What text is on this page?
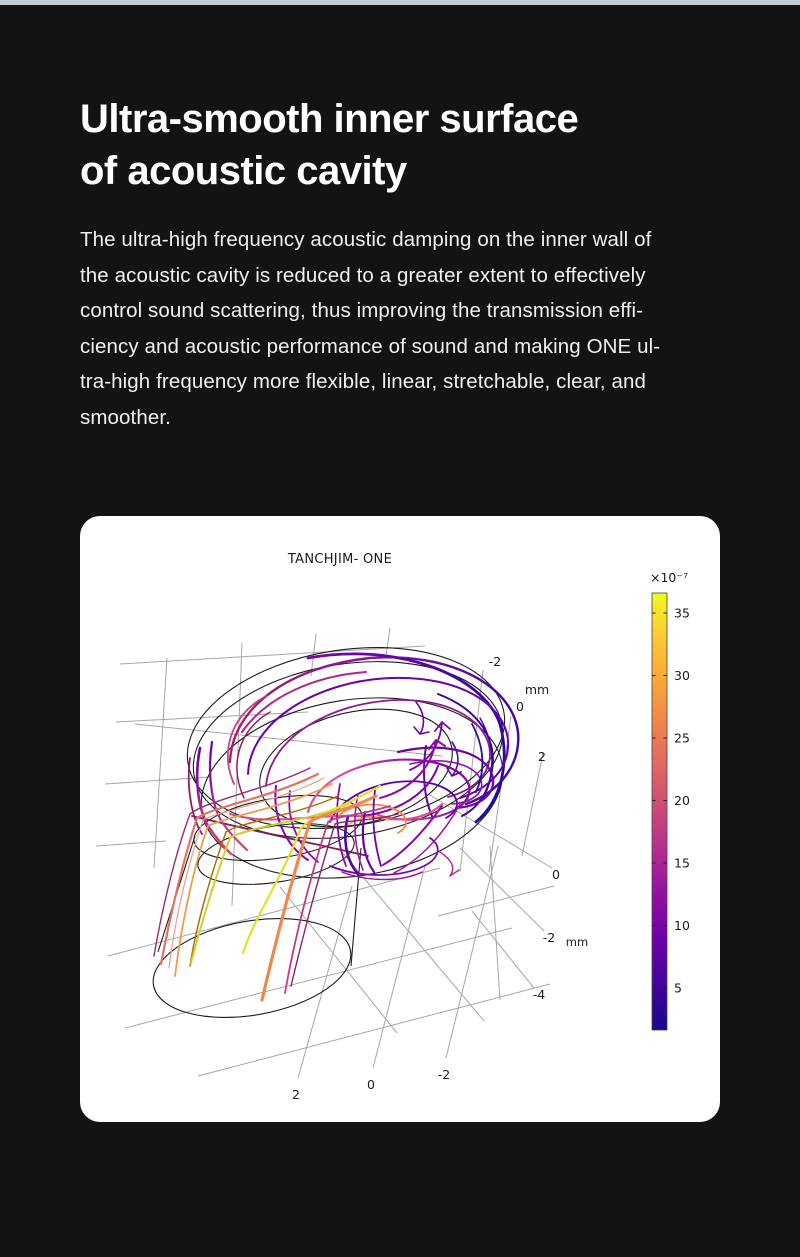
Ultra-smooth inner surface
of acoustic cavity
The ultra-high frequency acoustic damping on the inner wall of
the acoustic cavity is reduced to a greater extent to effectively
control sound scattering, thus improving the transmission effi-
ciency and acoustic performance of sound and making ONE ul-
tra-high frequency more flexible, linear, stretchable, clear, and
smoother.
×10⁻⁷
35
30
25
20
15
10
5
-2
mm
0
2
0
-2 mm
-4
2
0
-2
TANCHJIM- ONE
